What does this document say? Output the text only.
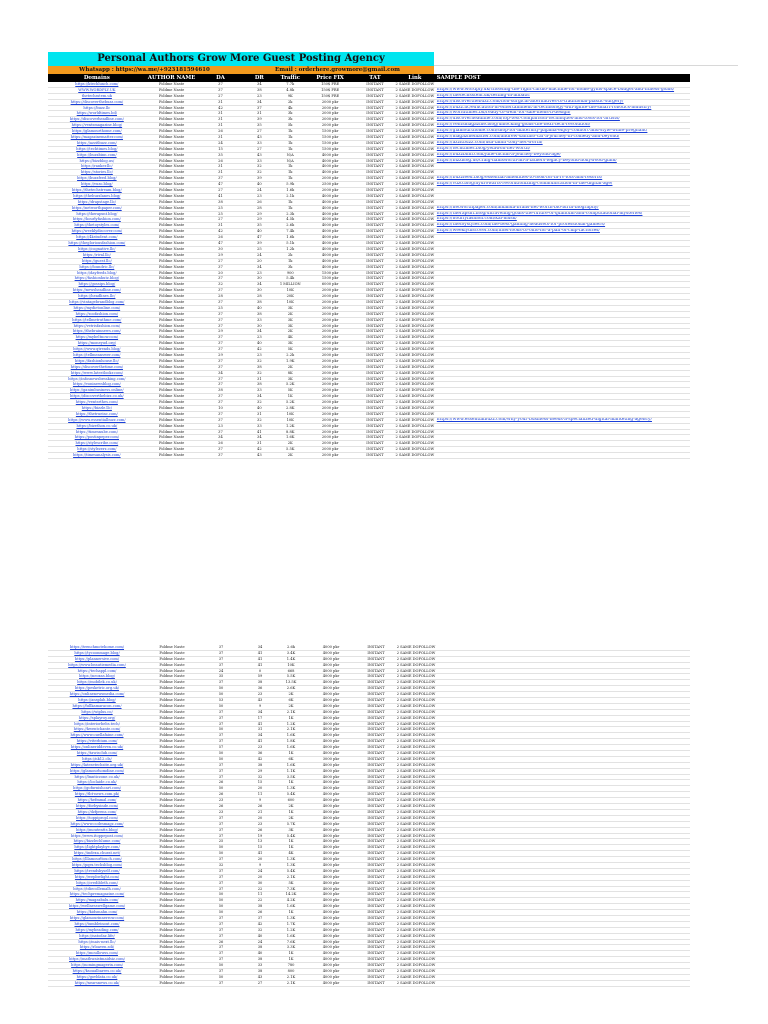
Personal Authors Grow More Guest Posting Agency
Whatsapp : https://wa.me/+923181594610	Email : orderhere.growmore@gmail.com
Domains	AUTHOR NAME	DA	DR	Traffic	Price FIX	TAT	Link	SAMPLE POST
https://ktechlunch.com/	Foldme Naste	37	34	7.7k	150$ FRE	INSTANT	2 SAME DOFOLLOW
WWW.WORDPLY.UK	Foldme Naste	37	38	4.8k	150$ FRE	INSTANT	2 SAME DOFOLLOW https://www.wordply.uk/choosing-the-right-cardio-machine-for-home-gyms-space-budget-and-fitness-goals/
thetechsstem.uk	Foldme Naste	27	23	9K	150$ FRE	INSTANT	2 SAME DOFOLLOW https://thetechsstem.uk/testing-in-allbatic
https://discoverthebuzz.com/	Foldme Naste	31	34	2k	2000 pkr	INSTANT	2 SAME DOFOLLOW https://discoverthebuzz.com/non-surgical-alternatives-to-traditional-plastic-surgery/
https://buzz.llc	Foldme Naste	42	37	4k	2000 pkr	INSTANT	2 SAME DOFOLLOW https://buzz.llc/education-in-entertainment-ai-technology-will-ignite-the-smart-robotics-industry/
https://worldtimes.bd/	Foldme Naste	31	31	3k	2000 pkr	INSTANT	2 SAME DOFOLLOW https://worldtimes.bd/ready-to-wear-for-sale-mens-li-design/
https://discoverheadline.com/	Foldme Naste	31	39	3k	2000 pkr	INSTANT	2 SAME DOFOLLOW https://discoverheadline.com/top-test-comparison-techniques-and-tools-for-artists/
https://ventsmagazine.blog/	Foldme Naste	31	35	5k	2000 pkr	INSTANT	2 SAME DOFOLLOW https://ventsmagazine.blog/unlocking-goals-the-next-tech-revolution/
https://glamourthome.com/	Foldme Naste	26	27	1k	1500 pkr	INSTANT	2 SAME DOFOLLOW https://glamourthome.com/shop-for-maternity-pajama-enjoy-comfort-and-style-while-pregnant/
https://magazinematter.com/	Foldme Naste	31	43	1k	1500 pkr	INSTANT	2 SAME DOFOLLOW https://magazinematter.com/andrew-santino-car-a-journey-in-comedy-and-beyond/
https://azzitbuzz.com/	Foldme Naste	24	33	1k	1500 pkr	INSTANT	2 SAME DOFOLLOW https://azzitbuzz.com/usa-tamir-tony-net-worth/
https://techtimes.blog/	Foldme Naste	15	27	1k	1500 pkr	INSTANT	2 SAME DOFOLLOW https://techtimes.blog/yelawolf-net-worth/
https://buzzbinn.com/	Foldme Naste	35	43	N/A	4000 pkr	INSTANT	2 SAME DOFOLLOW https://buzzbinn.com/julie-nichin-a-journey-beyond-age/
https://bizzblog.us/	Foldme Naste	26	33	N/A	4000 pkr	INSTANT	2 SAME DOFOLLOW https://bizzblog.us/craig-hamsworth-an-a-fathers-legacy-beyond-hollywood-glam/
https://ranker.llc/	Foldme Naste	31	32	1k	4000 pkr	INSTANT	2 SAME DOFOLLOW
https://stories.llc/	Foldme Naste	31	32	1k	4000 pkr	INSTANT	2 SAME DOFOLLOW
https://buzzfeed.blog/	Foldme Naste	37	39	1k	2000 pkr	INSTANT	2 SAME DOFOLLOW https://buzzfeed.blog/essential-amenities-to-look-for-in-rv-lots-and-resorts/
https://vuzo.blog/	Foldme Naste	47	40	5.9k	2500 pkr	INSTANT	2 SAME DOFOLLOW https://vuzo.blog/hydrowarts-revolutionizing-communication-in-the-digital-age/
https://thetechstream.blog/	Foldme Naste	27	24	1.6k	2000 pkr	INSTANT	2 SAME DOFOLLOW
https://thebuzzlanes.blog/	Foldme Naste	41	23	2.1k	4000 pkr	INSTANT	2 SAME DOFOLLOW
https://drapstage.llc/	Foldme Naste	38	26	1k	4000 pkr	INSTANT	2 SAME DOFOLLOW
https://networthpaper.com/	Foldme Naste	25	28	1k	4000 pkr	INSTANT	2 SAME DOFOLLOW https://networthpaper.com/amanda-brans-net-worth-bio-birth-biography/
https://therapsnt.blog/	Foldme Naste	25	29	2.3k	4000 pkr	INSTANT	2 SAME DOFOLLOW https://therapsnt.blog/unraveling-goals-the-future-of-quantum-and-computational-mysteries/
https://hourlyfashion.com/	Foldme Naste	27	29	4.5k	4000 pkr	INSTANT	2 SAME DOFOLLOW https://hourlyfashion.com/kai-musk/
https://thetoystyles.com/	Foldme Naste	31	35	2.6k	4000 pkr	INSTANT	2 SAME DOFOLLOW https://thetoystyles.com/the-best-gaming-headsets-for-professional-gamers/
https://weeklydiscover.com/	Foldme Naste	42	40	7.4k	4000 pkr	INSTANT	2 SAME DOFOLLOW https://weeklydiscover.com/intel-looks-to-ohio-for-a-pair-of-chip-factories/
https://4kstudent.com/	Foldme Naste	26	47	1.6k	4000 pkr	INSTANT	2 SAME DOFOLLOW
https://thegloriousfashion.com/	Foldme Naste	47	39	5.1k	4000 pkr	INSTANT	2 SAME DOFOLLOW
https://cognative.llc/	Foldme Naste	30	25	1.2k	4000 pkr	INSTANT	2 SAME DOFOLLOW
https://rival.llc/	Foldme Naste	29	24	2k	4000 pkr	INSTANT	2 SAME DOFOLLOW
https://guest.llc/	Foldme Naste	27	20	1k	4000 pkr	INSTANT	2 SAME DOFOLLOW
https://foundric.llc/	Foldme Naste	37	34	3k	4000 pkr	INSTANT	2 SAME DOFOLLOW
https://dayfeeds.blog/	Foldme Naste	20	23	900	1500 pkr	INSTANT	2 SAME DOFOLLOW
https://fashionhutz.blog/	Foldme Naste	37	30	5.4k	1500 pkr	INSTANT	2 SAME DOFOLLOW
https://gossips.blog/	Foldme Naste	32	34	1 MILLION	6000 pkr	INSTANT	2 SAME DOFOLLOW
https://newsheadline.com/	Foldme Naste	37	30	10K	2000 pkr	INSTANT	2 SAME DOFOLLOW
https://headlines.llc/	Foldme Naste	28	28	20K	2000 pkr	INSTANT	2 SAME DOFOLLOW
https://vintagebrandblog.com/	Foldme Naste	37	38	10K	2000 pkr	INSTANT	2 SAME DOFOLLOW
https://mydietonline.com/	Foldme Naste	25	40	3K	2000 pkr	INSTANT	2 SAME DOFOLLOW
https://zoofashion.com/	Foldme Naste	37	38	2K	2000 pkr	INSTANT	2 SAME DOFOLLOW
https://tellmetruthme.com/	Foldme Naste	37	33	3K	2000 pkr	INSTANT	2 SAME DOFOLLOW
https://vetrisfashion.com/	Foldme Naste	37	30	3K	2000 pkr	INSTANT	2 SAME DOFOLLOW
https://thebrainnews.com/	Foldme Naste	29	34	2K	2000 pkr	INSTANT	2 SAME DOFOLLOW
https://mybeltnow.com/	Foldme Naste	37	23	4K	2000 pkr	INSTANT	2 SAME DOFOLLOW
https://moneyud.org/	Foldme Naste	37	40	3K	2000 pkr	INSTANT	2 SAME DOFOLLOW
https://www.qtrends.blog/	Foldme Naste	37	42	5K	2000 pkr	INSTANT	2 SAME DOFOLLOW
https://tellmeanswer.com/	Foldme Naste	29	23	2.2k	2000 pkr	INSTANT	2 SAME DOFOLLOW
https://fashionhouse.llc/	Foldme Naste	37	32	1.9K	2000 pkr	INSTANT	2 SAME DOFOLLOW
https://discoverthetime.com/	Foldme Naste	37	38	2K	2000 pkr	INSTANT	2 SAME DOFOLLOW
https://www.latestlookr.com/	Foldme Naste	34	32	8K	2000 pkr	INSTANT	2 SAME DOFOLLOW
https://infosnewsbreaking.com/	Foldme Naste	37	31	3K	2000 pkr	INSTANT	2 SAME DOFOLLOW
https://voninewsblog.com/	Foldme Naste	37	38	5.2K	2000 pkr	INSTANT	2 SAME DOFOLLOW
https://ganimbusiness.online/	Foldme Naste	38	33	5K	2000 pkr	INSTANT	2 SAME DOFOLLOW
https://discoverthebizz.co.uk/	Foldme Naste	37	34	1K	2000 pkr	INSTANT	2 SAME DOFOLLOW
https://ventsrthes.com/	Foldme Naste	37	32	5.2K	2000 pkr	INSTANT	2 SAME DOFOLLOW
https://bizzle.llc/	Foldme Naste	10	40	2.8K	2000 pkr	INSTANT	2 SAME DOFOLLOW
https://thetrueinc.com/	Foldme Naste	37	31	10K	2000 pkr	INSTANT	2 SAME DOFOLLOW
https://www.essentialbuzz.com/	Foldme Naste	37	32	10K	2000 pkr	INSTANT	2 SAME DOFOLLOW https://www.essentialbuzz.com/why-your-business-needs-a-specialized-digital-marketing-agency/
https://bizethon.co.uk/	Foldme Naste	23	33	1.2K	2000 pkr	INSTANT	2 SAME DOFOLLOW
https://timesnube.com/	Foldme Naste	37	41	8.8K	2000 pkr	INSTANT	2 SAME DOFOLLOW
https://postinpeper.com/	Foldme Naste	34	34	1.6K	2000 pkr	INSTANT	2 SAME DOFOLLOW
https://stylescribe.com/	Foldme Naste	26	31	2K	2000 pkr	INSTANT	2 SAME DOFOLLOW
https://stylezerz.com/	Foldme Naste	37	42	5.5K	2000 pkr	INSTANT	2 SAME DOFOLLOW
https://timesanalysis.com/	Foldme Naste	37	43	2K	2000 pkr	INSTANT	2 SAME DOFOLLOW
https://trenchmotehome.com/	Foldme Naste	37	34	2.6k	4000 pkr	INSTANT	2 SAME DOFOLLOW
https://tycoonmage.blog/	Foldme Naste	37	41	3.4K	4000 pkr	INSTANT	2 SAME DOFOLLOW
https://plannersive.com/	Foldme Naste	37	41	1.4K	4000 pkr	INSTANT	2 SAME DOFOLLOW
https://www.beautiemedia.com/	Foldme Naste	37	41	10K	4000 pkr	INSTANT	2 SAME DOFOLLOW
https://techappl.com/	Foldme Naste	24	0	668	4000 pkr	INSTANT	2 SAME DOFOLLOW
https://neoxas.blog/	Foldme Naste	35	59	5.5K	4000 pkr	INSTANT	2 SAME DOFOLLOW
https://mobilek.co.uk/	Foldme Naste	37	38	13.5K	4000 pkr	INSTANT	2 SAME DOFOLLOW
https://pesketric.org.uk/	Foldme Naste	50	36	2.6K	4000 pkr	INSTANT	2 SAME DOFOLLOW
https://onlinenewsmedia.com/	Foldme Naste	50	23	2K	4000 pkr	INSTANT	2 SAME DOFOLLOW
https://ansplah.blog/	Foldme Naste	53	43	6K	4000 pkr	INSTANT	2 SAME DOFOLLOW
https://fullkamaracon.com/	Foldme Naste	50	9	2K	4000 pkr	INSTANT	2 SAME DOFOLLOW
https://wiplus.co/	Foldme Naste	37	34	2.1K	4000 pkr	INSTANT	2 SAME DOFOLLOW
https://splayroy.org/	Foldme Naste	37	17	1K	4000 pkr	INSTANT	2 SAME DOFOLLOW
https://interiorbebs.tech/	Foldme Naste	37	41	1.2K	4000 pkr	INSTANT	2 SAME DOFOLLOW
https://kwentchante.com/	Foldme Naste	50	31	2.1K	4000 pkr	INSTANT	2 SAME DOFOLLOW
https://www.ouellafaine.com/	Foldme Naste	37	34	1.6K	4000 pkr	INSTANT	2 SAME DOFOLLOW
https://viterbium.com/	Foldme Naste	37	41	1.8K	4000 pkr	INSTANT	2 SAME DOFOLLOW
https://onlineriddeven.co.uk/	Foldme Naste	57	23	1.6K	4000 pkr	INSTANT	2 SAME DOFOLLOW
https://tawisclub.com/	Foldme Naste	50	36	1K	4000 pkr	INSTANT	2 SAME DOFOLLOW
https://nk12.cls/	Foldme Naste	50	42	6K	3000 pkr	INSTANT	2 SAME DOFOLLOW
https://latesetechsite.org.uk/	Foldme Naste	37	38	1.6K	4000 pkr	INSTANT	2 SAME DOFOLLOW
https://glamourhomdine.com/	Foldme Naste	37	29	1.1K	4000 pkr	INSTANT	2 SAME DOFOLLOW
https://lmnticzone.co.uk/	Foldme Naste	37	32	3.5K	4000 pkr	INSTANT	2 SAME DOFOLLOW
https://loclaide.co.uk/	Foldme Naste	26	15	1K	4000 pkr	INSTANT	2 SAME DOFOLLOW
https://gofurnishcart.com/	Foldme Naste	50	20	1.3K	4000 pkr	INSTANT	2 SAME DOFOLLOW
https://tbt-news.com.pk/	Foldme Naste	26	11	5.4K	4000 pkr	INSTANT	2 SAME DOFOLLOW
https://hefmmal.com/	Foldme Naste	23	9	600	4000 pkr	INSTANT	2 SAME DOFOLLOW
https://forbysinde.com/	Foldme Naste	26	26	2K	4000 pkr	INSTANT	2 SAME DOFOLLOW
https://dzfprens.com/	Foldme Naste	23	21	1K	4000 pkr	INSTANT	2 SAME DOFOLLOW
https://toppipropl.com/	Foldme Naste	37	20	2K	4000 pkr	INSTANT	2 SAME DOFOLLOW
https://www.codesmagz.com/	Foldme Naste	37	23	5.7K	4000 pkr	INSTANT	2 SAME DOFOLLOW
https://moutentts.blog/	Foldme Naste	37	26	3K	4000 pkr	INSTANT	2 SAME DOFOLLOW
https://www.itoppepost.com/	Foldme Naste	37	19	5.4K	4000 pkr	INSTANT	2 SAME DOFOLLOW
https://bizzlechlume.com/	Foldme Naste	25	13	1K	4000 pkr	INSTANT	2 SAME DOFOLLOW
https://lightplaybye.com/	Foldme Naste	50	15	1K	4000 pkr	INSTANT	2 SAME DOFOLLOW
https://indexa.churat.net/	Foldme Naste	50	41	4K	4000 pkr	INSTANT	2 SAME DOFOLLOW
https://lllamourltouch.com/	Foldme Naste	37	20	1.3K	4000 pkr	INSTANT	2 SAME DOFOLLOW
https://pqrx.techsblog.com/	Foldme Naste	32	9	1.3K	4000 pkr	INSTANT	2 SAME DOFOLLOW
https://trendsbyself.com/	Foldme Naste	37	24	5.4K	4000 pkr	INSTANT	2 SAME DOFOLLOW
https://wepbwlight.com/	Foldme Naste	37	20	2.1K	4000 pkr	INSTANT	2 SAME DOFOLLOW
https://credibleth.com/	Foldme Naste	37	30	5K	4000 pkr	INSTANT	2 SAME DOFOLLOW
https://tdiecollemalh.com/	Foldme Naste	37	22	7.3K	4000 pkr	INSTANT	2 SAME DOFOLLOW
https://techpremagazine.com/	Foldme Naste	50	11	14.2K	4000 pkr	INSTANT	2 SAME DOFOLLOW
https://magazbalu.com/	Foldme Naste	50	22	4.2K	4000 pkr	INSTANT	2 SAME DOFOLLOW
https://wellnesswellgame.com/	Foldme Naste	50	38	1.6K	4000 pkr	INSTANT	2 SAME DOFOLLOW
https://kidsmahn.com/	Foldme Naste	50	26	1K	4000 pkr	INSTANT	2 SAME DOFOLLOW
https://glamourinnerrow.com/	Foldme Naste	37	37	1.3K	4000 pkr	INSTANT	2 SAME DOFOLLOW
https://tumbleinout.com/	Foldme Naste	37	42	1.7K	4000 pkr	INSTANT	2 SAME DOFOLLOW
https://myheading.com/	Foldme Naste	37	32	1.2K	4000 pkr	INSTANT	2 SAME DOFOLLOW
https://natodaz.life/	Foldme Naste	37	40	1.6K	4000 pkr	INSTANT	2 SAME DOFOLLOW
https://mais-next.llc/	Foldme Naste	26	24	7.6K	4000 pkr	INSTANT	2 SAME DOFOLLOW
https://rloaven.sdi/	Foldme Naste	37	38	3.3K	4000 pkr	INSTANT	2 SAME DOFOLLOW
https://moullowss.com/	Foldme Naste	37	40	1K	4000 pkr	INSTANT	2 SAME DOFOLLOW
https://mathwaistmaidsiz.com/	Foldme Naste	37	38	1K	4000 pkr	INSTANT	2 SAME DOFOLLOW
https://nomingmagerin.com/	Foldme Naste	50	33	780	4000 pkr	INSTANT	2 SAME DOFOLLOW
https://ksoualbarres.co.uk/	Foldme Naste	37	38	800	4000 pkr	INSTANT	2 SAME DOFOLLOW
https://govblata.co.uk/	Foldme Naste	50	43	2.1K	4000 pkr	INSTANT	2 SAME DOFOLLOW
https://nearsnews.co.uk/	Foldme Naste	37	27	2.1K	4000 pkr	INSTANT	2 SAME DOFOLLOW
